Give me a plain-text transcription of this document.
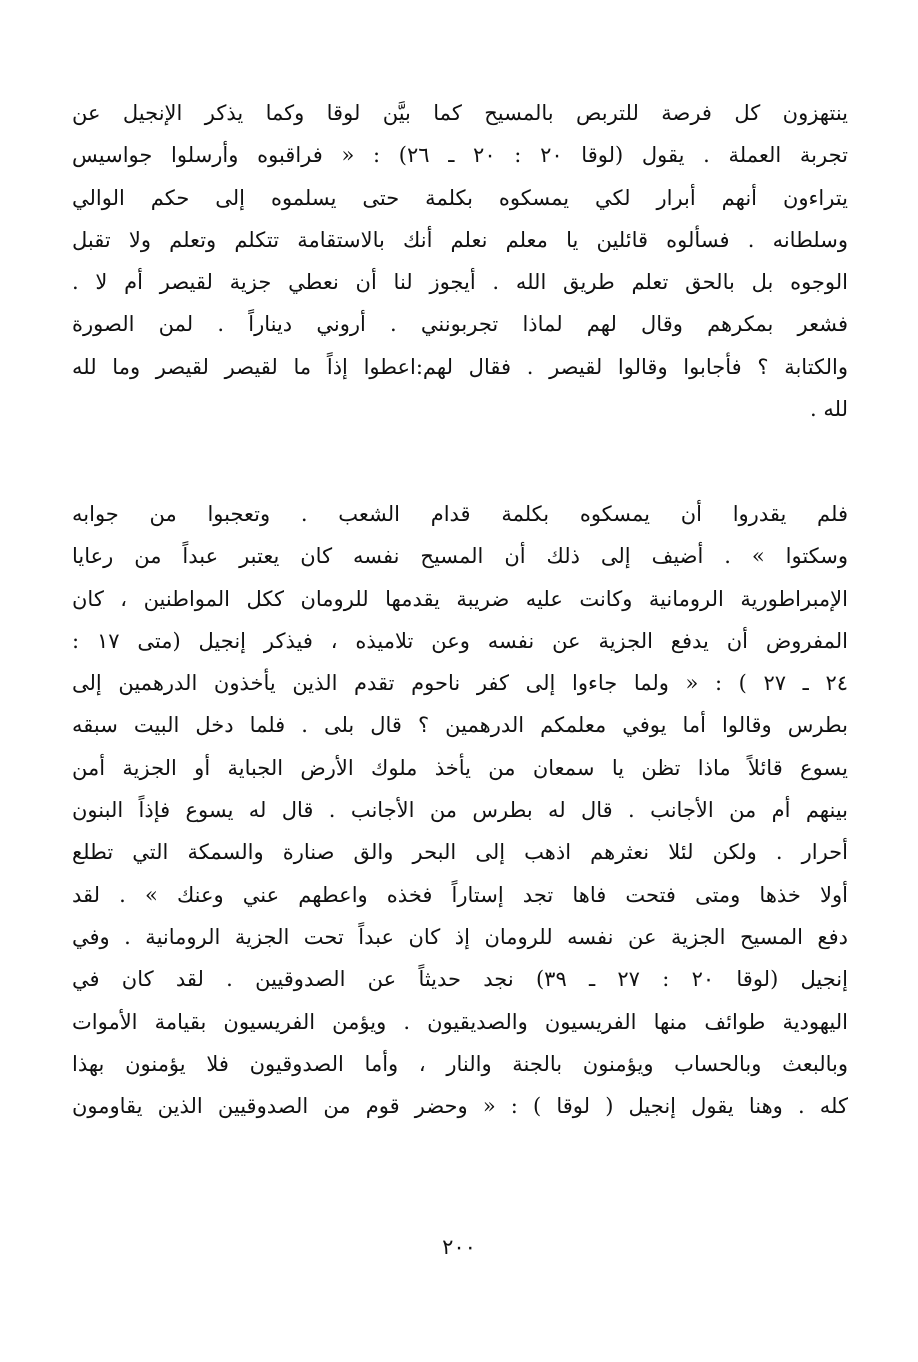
ينتهزون كل فرصة للتربص بالمسيح كما بيَّن لوقا وكما يذكر الإنجيل عن
تجربة العملة . يقول (لوقا ٢٠ : ٢٠ ـ ٢٦) : « فراقبوه وأرسلوا جواسيس
يتراءون أنهم أبرار لكي يمسكوه بكلمة حتى يسلموه إلى حكم الوالي
وسلطانه . فسألوه قائلين يا معلم نعلم أنك بالاستقامة تتكلم وتعلم ولا تقبل
الوجوه بل بالحق تعلم طريق الله . أيجوز لنا أن نعطي جزية لقيصر أم لا .
فشعر بمكرهم وقال لهم لماذا تجربونني . أروني ديناراً . لمن الصورة
والكتابة ؟ فأجابوا وقالوا لقيصر . فقال لهم:اعطوا إذاً ما لقيصر لقيصر وما لله
لله .
فلم يقدروا أن يمسكوه بكلمة قدام الشعب . وتعجبوا من جوابه
وسكتوا » . أضيف إلى ذلك أن المسيح نفسه كان يعتبر عبداً من رعايا
الإمبراطورية الرومانية وكانت عليه ضريبة يقدمها للرومان ككل المواطنين ، كان
المفروض أن يدفع الجزية عن نفسه وعن تلاميذه ، فيذكر إنجيل (متى ١٧ :
٢٤ ـ ٢٧ ) : « ولما جاءوا إلى كفر ناحوم تقدم الذين يأخذون الدرهمين إلى
بطرس وقالوا أما يوفي معلمكم الدرهمين ؟ قال بلى . فلما دخل البيت سبقه
يسوع قائلاً ماذا تظن يا سمعان من يأخذ ملوك الأرض الجباية أو الجزية أمن
بينهم أم من الأجانب . قال له بطرس من الأجانب . قال له يسوع فإذاً البنون
أحرار . ولكن لئلا نعثرهم اذهب إلى البحر والق صنارة والسمكة التي تطلع
أولا خذها ومتى فتحت فاها تجد إستاراً فخذه واعطهم عني وعنك » . لقد
دفع المسيح الجزية عن نفسه للرومان إذ كان عبداً تحت الجزية الرومانية . وفي
إنجيل (لوقا ٢٠ : ٢٧ ـ ٣٩) نجد حديثاً عن الصدوقيين . لقد كان في
اليهودية طوائف منها الفريسيون والصديقيون . ويؤمن الفريسيون بقيامة الأموات
وبالبعث وبالحساب ويؤمنون بالجنة والنار ، وأما الصدوقيون فلا يؤمنون بهذا
كله . وهنا يقول إنجيل ( لوقا ) : « وحضر قوم من الصدوقيين الذين يقاومون
٢٠٠
